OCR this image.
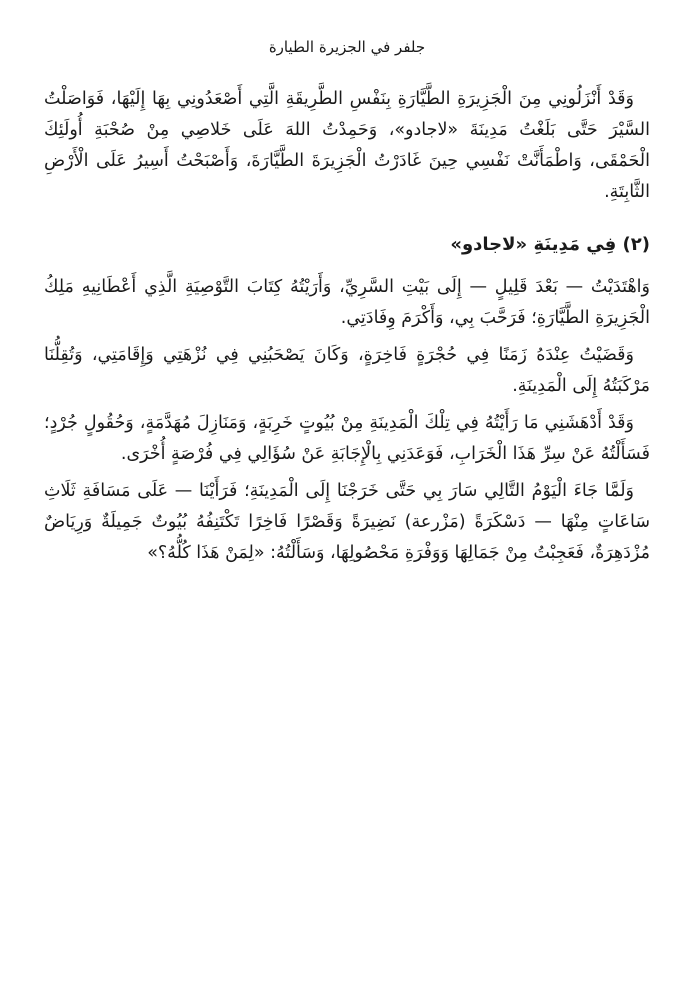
جلفر في الجزيرة الطيارة

وَقَدْ أَنْزَلُونِي مِنَ الْجَزِيرَةِ الطَّيَّارَةِ بِنَفْسِ الطَّرِيقَةِ الَّتِي أَصْعَدُونِي بِهَا إِلَيْهَا، فَوَاصَلْتُ السَّيْرَ حَتَّى بَلَغْتُ مَدِينَةَ «لاجادو»، وَحَمِدْتُ اللهَ عَلَى خَلاصِي مِنْ صُحْبَةِ أُولَئِكَ الْحَمْقَى، وَاطْمَأَنَّتْ نَفْسِي حِينَ غَادَرْتُ الْجَزِيرَةَ الطَّيَّارَةَ، وَأَصْبَحْتُ أَسِيرُ عَلَى الْأَرْضِ الثَّابِتَةِ.

(٢) فِي مَدِينَةِ «لاجادو»

وَاهْتَدَيْتُ — بَعْدَ قَلِيلٍ — إِلَى بَيْتِ السَّرِيِّ، وَأَرَيْتُهُ كِتَابَ التَّوْصِيَةِ الَّذِي أَعْطَانِيهِ مَلِكُ الْجَزِيرَةِ الطَّيَّارَةِ؛ فَرَحَّبَ بِي، وَأَكْرَمَ وِفَادَتِي.

وَقَضَيْتُ عِنْدَهُ زَمَنًا فِي حُجْرَةٍ فَاخِرَةٍ، وَكَانَ يَصْحَبُنِي فِي نُزْهَتِي وَإِقَامَتِي، وَتُقِلُّنَا مَرْكَبَتُهُ إِلَى الْمَدِينَةِ.

وَقَدْ أَدْهَشَنِي مَا رَأَيْتُهُ فِي تِلْكَ الْمَدِينَةِ مِنْ بُيُوتٍ خَرِبَةٍ، وَمَنَازِلَ مُهَدَّمَةٍ، وَحُقُولٍ جُرْدٍ؛ فَسَأَلْتُهُ عَنْ سِرِّ هَذَا الْخَرَابِ، فَوَعَدَنِي بِالْإِجَابَةِ عَنْ سُؤَالِي فِي فُرْصَةٍ أُخْرَى.

وَلَمَّا جَاءَ الْيَوْمُ التَّالِي سَارَ بِي حَتَّى خَرَجْنَا إِلَى الْمَدِينَةِ؛ فَرَأَيْنَا — عَلَى مَسَافَةِ ثَلَاثِ سَاعَاتٍ مِنْهَا — دَسْكَرَةً (مَزْرعة) نَضِيرَةً وَقَصْرًا فَاخِرًا تَكْتَنِفُهُ بُيُوتٌ جَمِيلَةٌ وَرِيَاضٌ مُزْدَهِرَةٌ، فَعَجِبْتُ مِنْ جَمَالِهَا وَوَفْرَةِ مَحْصُولِهَا، وَسَأَلْتُهُ: «لِمَنْ هَذَا كُلُّهُ؟»
